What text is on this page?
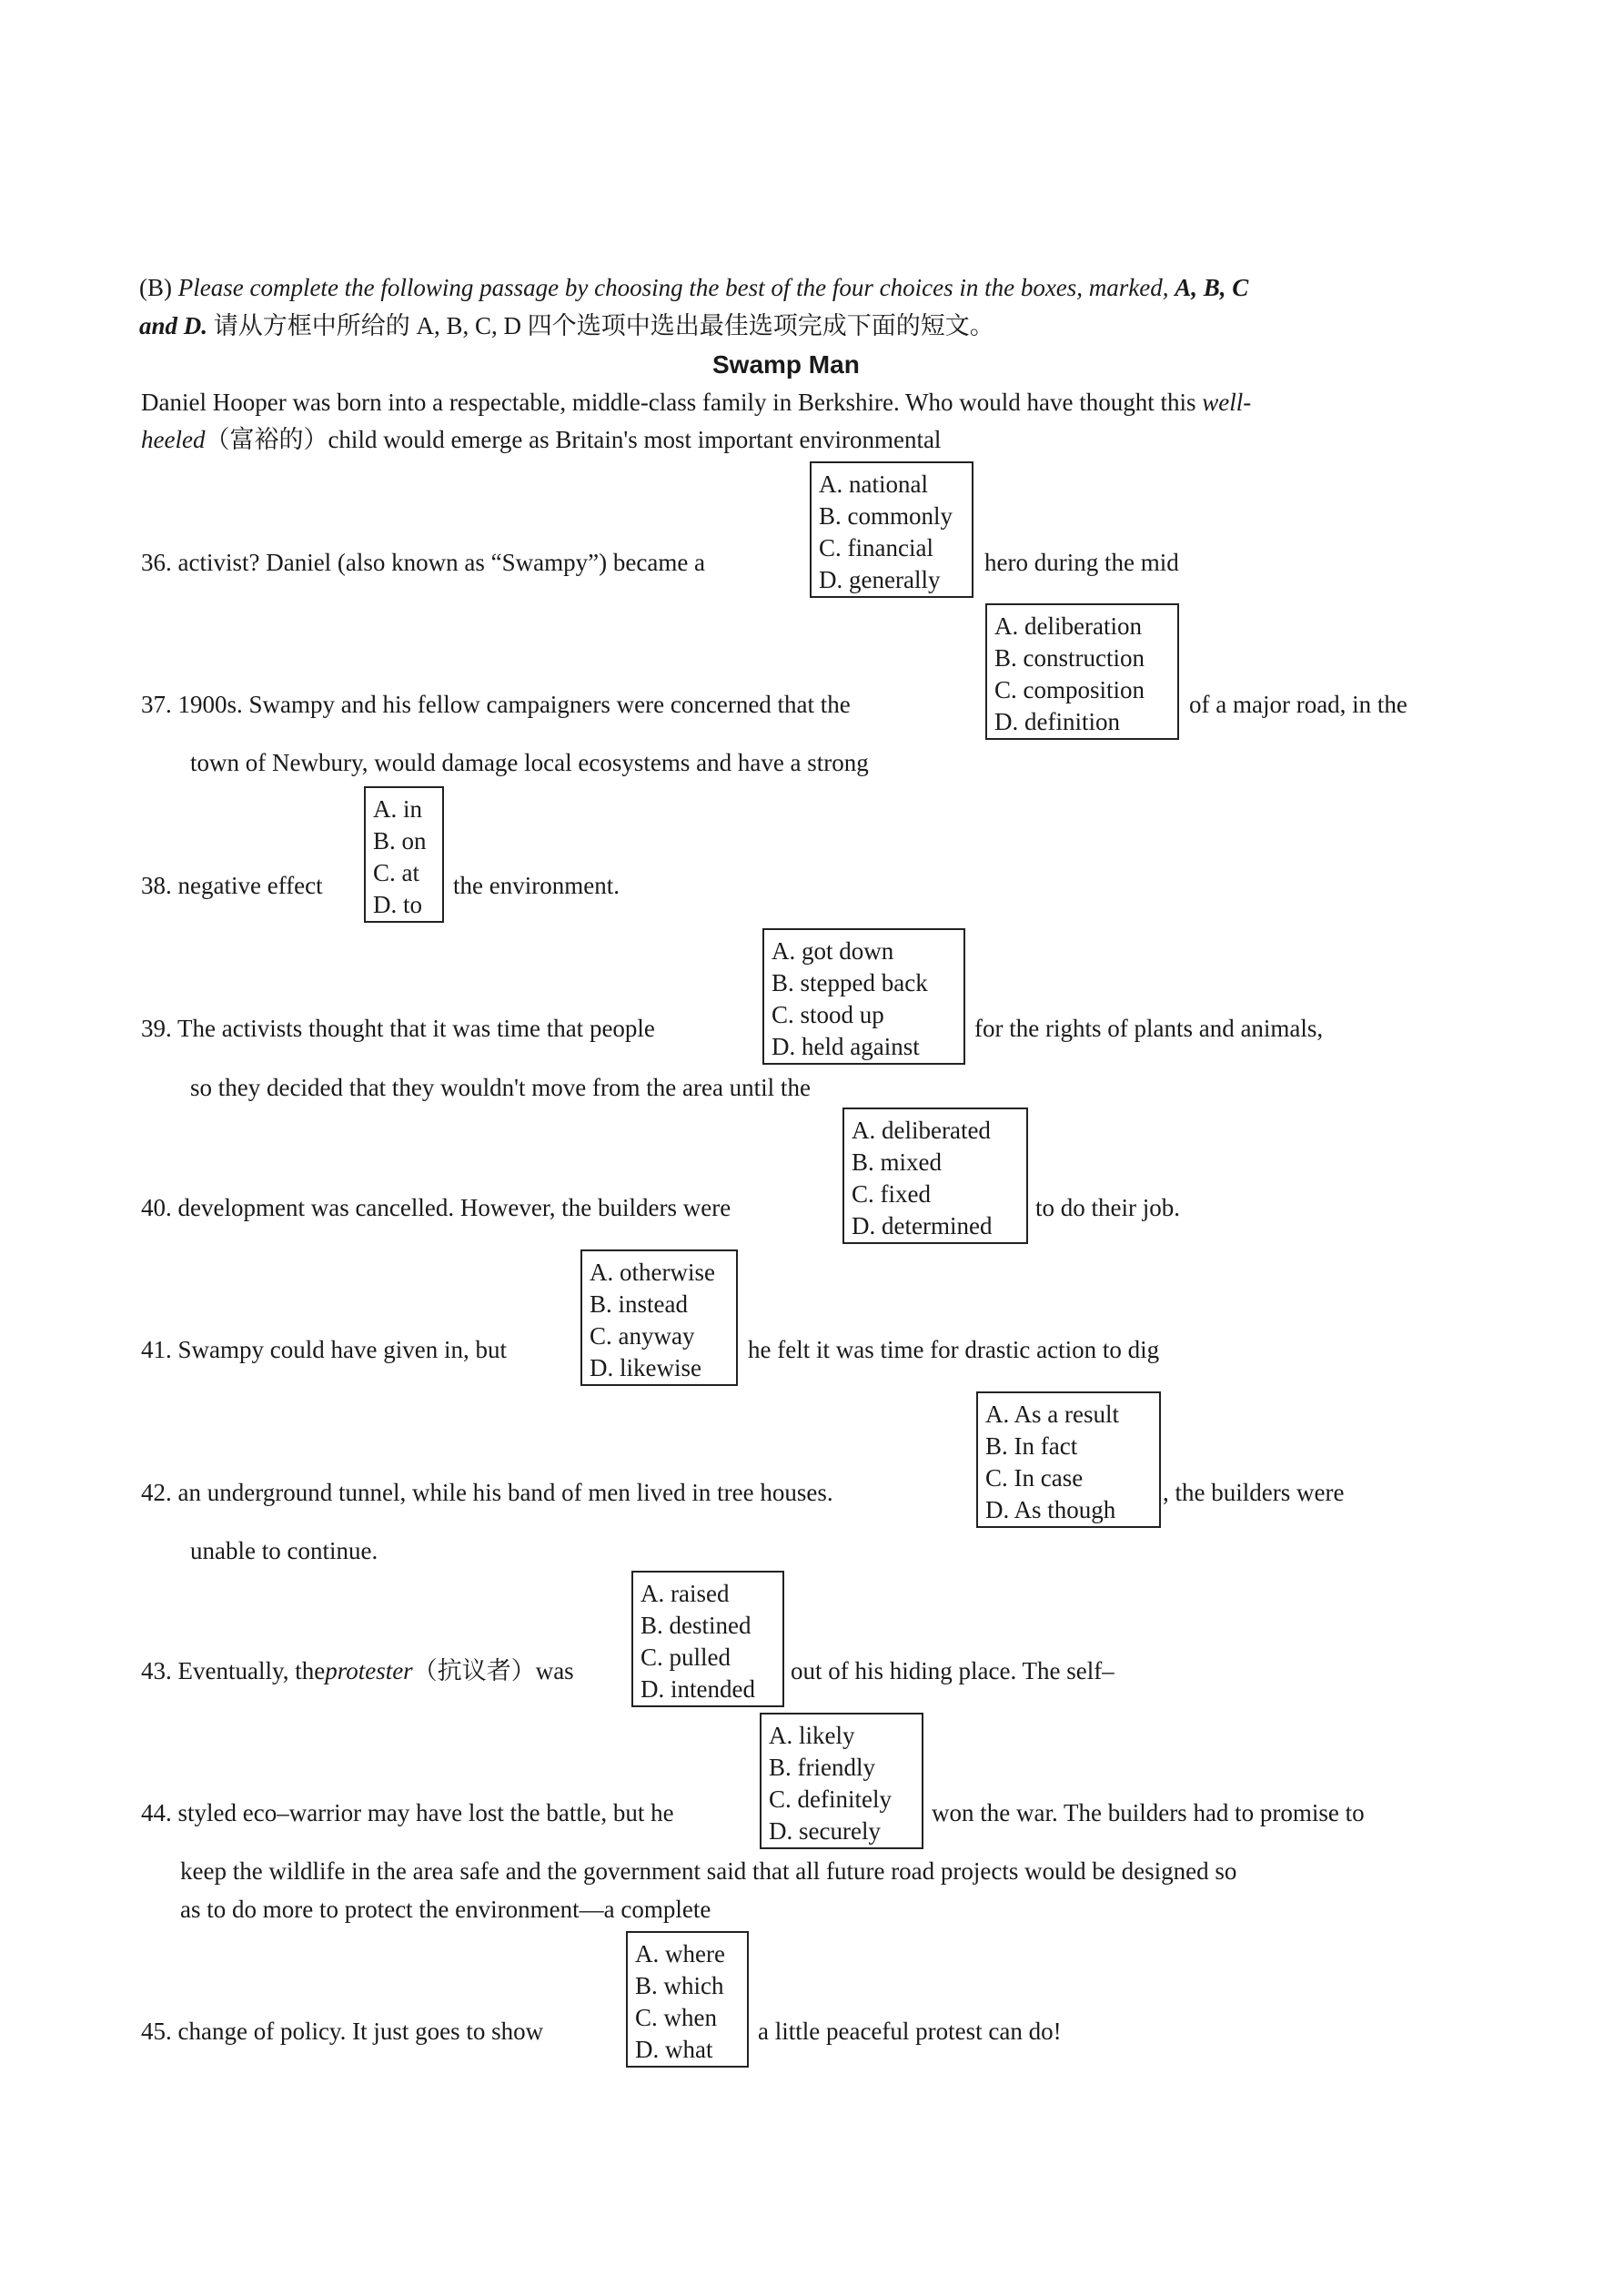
(B) Please complete the following passage by choosing the best of the four choices in the boxes, marked, A, B, C
and D. 请从方框中所给的 A, B, C, D 四个选项中选出最佳选项完成下面的短文。
Swamp Man
Daniel Hooper was born into a respectable, middle-class family in Berkshire. Who would have thought this well-
heeled（富裕的）child would emerge as Britain's most important environmental
A. national
B. commonly
C. financial
D. generally
36. activist? Daniel (also known as “Swampy”) became a	hero during the mid
A. deliberation
B. construction
C. composition
D. definition
37. 1900s. Swampy and his fellow campaigners were concerned that the	of a major road, in the
town of Newbury, would damage local ecosystems and have a strong
A. in
B. on
C. at
D. to
38. negative effect	the environment.
A. got down
B. stepped back
C. stood up
D. held against
39. The activists thought that it was time that people	for the rights of plants and animals,
so they decided that they wouldn't move from the area until the
A. deliberated
B. mixed
C. fixed
D. determined
40. development was cancelled. However, the builders were	to do their job.
A. otherwise
B. instead
C. anyway
D. likewise
41. Swampy could have given in, but	he felt it was time for drastic action to dig
A. As a result
B. In fact
C. In case
D. As though
42. an underground tunnel, while his band of men lived in tree houses.	, the builders were
unable to continue.
A. raised
B. destined
C. pulled
D. intended
43. Eventually, theprotester（抗议者）was	out of his hiding place. The self–
A. likely
B. friendly
C. definitely
D. securely
44. styled eco–warrior may have lost the battle, but he	won the war. The builders had to promise to
keep the wildlife in the area safe and the government said that all future road projects would be designed so
as to do more to protect the environment—a complete
A. where
B. which
C. when
D. what
45. change of policy. It just goes to show	a little peaceful protest can do!
